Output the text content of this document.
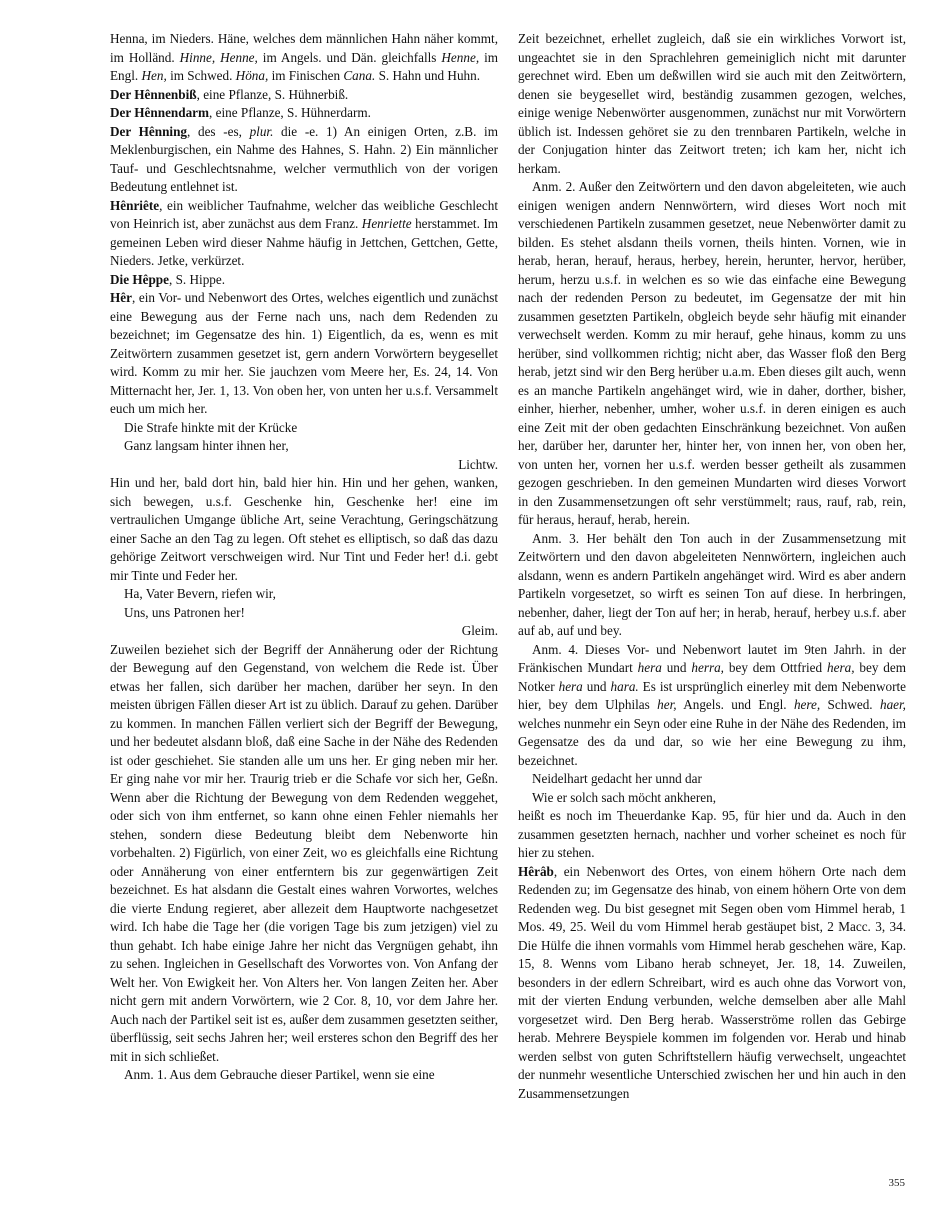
Henna, im Nieders. Häne, welches dem männlichen Hahn näher kommt, im Holländ. Hinne, Henne, im Angels. und Dän. gleichfalls Henne, im Engl. Hen, im Schwed. Höna, im Finischen Cana. S. Hahn und Huhn.

Der Hênnenbiß, eine Pflanze, S. Hühnerbiß.

Der Hênnendarm, eine Pflanze, S. Hühnerdarm.

Der Hênning, des -es, plur. die -e. 1) An einigen Orten, z.B. im Meklenburgischen, ein Nahme des Hahnes, S. Hahn. 2) Ein männlicher Tauf- und Geschlechtsnahme, welcher vermuthlich von der vorigen Bedeutung entlehnet ist.

Hênriête, ein weiblicher Taufnahme, welcher das weibliche Geschlecht von Heinrich ist, aber zunächst aus dem Franz. Henriette herstammet. Im gemeinen Leben wird dieser Nahme häufig in Jettchen, Gettchen, Gette, Nieders. Jetke, verkürzet.

Die Hêppe, S. Hippe.

Hêr, ein Vor- und Nebenwort des Ortes, welches eigentlich und zunächst eine Bewegung aus der Ferne nach uns, nach dem Redenden zu bezeichnet; im Gegensatze des hin. 1) Eigentlich, da es, wenn es mit Zeitwörtern zusammen gesetzet ist, gern andern Vorwörtern beygesellet wird. Komm zu mir her. Sie jauchzen vom Meere her, Es. 24, 14. Von Mitternacht her, Jer. 1, 13. Von oben her, von unten her u.s.f. Versammelt euch um mich her.

Die Strafe hinkte mit der Krücke

Ganz langsam hinter ihnen her,

Lichtw.

Hin und her, bald dort hin, bald hier hin. Hin und her gehen, wanken, sich bewegen, u.s.f. Geschenke hin, Geschenke her! eine im vertraulichen Umgange übliche Art, seine Verachtung, Geringschätzung einer Sache an den Tag zu legen. Oft stehet es elliptisch, so daß das dazu gehörige Zeitwort verschweigen wird. Nur Tint und Feder her! d.i. gebt mir Tinte und Feder her.

Ha, Vater Bevern, riefen wir,

Uns, uns Patronen her!

Gleim.

Zuweilen beziehet sich der Begriff der Annäherung oder der Richtung der Bewegung auf den Gegenstand, von welchem die Rede ist. Über etwas her fallen, sich darüber her machen, darüber her seyn. In den meisten übrigen Fällen dieser Art ist zu üblich. Darauf zu gehen. Darüber zu kommen. In manchen Fällen verliert sich der Begriff der Bewegung, und her bedeutet alsdann bloß, daß eine Sache in der Nähe des Redenden ist oder geschiehet. Sie standen alle um uns her. Er ging neben mir her. Er ging nahe vor mir her. Traurig trieb er die Schafe vor sich her, Geßn. Wenn aber die Richtung der Bewegung von dem Redenden weggehet, oder sich von ihm entfernet, so kann ohne einen Fehler niemahls her stehen, sondern diese Bedeutung bleibt dem Nebenworte hin vorbehalten. 2) Figürlich, von einer Zeit, wo es gleichfalls eine Richtung oder Annäherung von einer entferntern bis zur gegenwärtigen Zeit bezeichnet. Es hat alsdann die Gestalt eines wahren Vorwortes, welches die vierte Endung regieret, aber allezeit dem Hauptworte nachgesetzet wird. Ich habe die Tage her (die vorigen Tage bis zum jetzigen) viel zu thun gehabt. Ich habe einige Jahre her nicht das Vergnügen gehabt, ihn zu sehen. Ingleichen in Gesellschaft des Vorwortes von. Von Anfang der Welt her. Von Ewigkeit her. Von Alters her. Von langen Zeiten her. Aber nicht gern mit andern Vorwörtern, wie 2 Cor. 8, 10, vor dem Jahre her. Auch nach der Partikel seit ist es, außer dem zusammen gesetzten seither, überflüssig, seit sechs Jahren her; weil ersteres schon den Begriff des her mit in sich schließet.

Anm. 1. Aus dem Gebrauche dieser Partikel, wenn sie eine

Zeit bezeichnet, erhellet zugleich, daß sie ein wirkliches Vorwort ist, ungeachtet sie in den Sprachlehren gemeiniglich nicht mit darunter gerechnet wird. Eben um deßwillen wird sie auch mit den Zeitwörtern, denen sie beygesellet wird, beständig zusammen gezogen, welches, einige wenige Nebenwörter ausgenommen, zunächst nur mit Vorwörtern üblich ist. Indessen gehöret sie zu den trennbaren Partikeln, welche in der Conjugation hinter das Zeitwort treten; ich kam her, nicht ich herkam.

Anm. 2. Außer den Zeitwörtern und den davon abgeleiteten, wie auch einigen wenigen andern Nennwörtern, wird dieses Wort noch mit verschiedenen Partikeln zusammen gesetzet, neue Nebenwörter damit zu bilden. Es stehet alsdann theils vornen, theils hinten. Vornen, wie in herab, heran, herauf, heraus, herbey, herein, herunter, hervor, herüber, herum, herzu u.s.f. in welchen es so wie das einfache eine Bewegung nach der redenden Person zu bedeutet, im Gegensatze der mit hin zusammen gesetzten Partikeln, obgleich beyde sehr häufig mit einander verwechselt werden. Komm zu mir herauf, gehe hinaus, komm zu uns herüber, sind vollkommen richtig; nicht aber, das Wasser floß den Berg herab, jetzt sind wir den Berg herüber u.a.m. Eben dieses gilt auch, wenn es an manche Partikeln angehänget wird, wie in daher, dorther, bisher, einher, hierher, nebenher, umher, woher u.s.f. in deren einigen es auch eine Zeit mit der oben gedachten Einschränkung bezeichnet. Von außen her, darüber her, darunter her, hinter her, von innen her, von oben her, von unten her, vornen her u.s.f. werden besser getheilt als zusammen gezogen geschrieben. In den gemeinen Mundarten wird dieses Vorwort in den Zusammensetzungen oft sehr verstümmelt; raus, rauf, rab, rein, für heraus, herauf, herab, herein.

Anm. 3. Her behält den Ton auch in der Zusammensetzung mit Zeitwörtern und den davon abgeleiteten Nennwörtern, ingleichen auch alsdann, wenn es andern Partikeln angehänget wird. Wird es aber andern Partikeln vorgesetzet, so wirft es seinen Ton auf diese. In herbringen, nebenher, daher, liegt der Ton auf her; in herab, herauf, herbey u.s.f. aber auf ab, auf und bey.

Anm. 4. Dieses Vor- und Nebenwort lautet im 9ten Jahrh. in der Fränkischen Mundart hera und herra, bey dem Ottfried hera, bey dem Notker hera und hara. Es ist ursprünglich einerley mit dem Nebenworte hier, bey dem Ulphilas her, Angels. und Engl. here, Schwed. haer, welches nunmehr ein Seyn oder eine Ruhe in der Nähe des Redenden, im Gegensatze des da und dar, so wie her eine Bewegung zu ihm, bezeichnet.

Neidelhart gedacht her unnd dar

Wie er solch sach möcht ankheren,

heißt es noch im Theuerdanke Kap. 95, für hier und da. Auch in den zusammen gesetzten hernach, nachher und vorher scheinet es noch für hier zu stehen.

Hêrâb, ein Nebenwort des Ortes, von einem höhern Orte nach dem Redenden zu; im Gegensatze des hinab, von einem höhern Orte von dem Redenden weg. Du bist gesegnet mit Segen oben vom Himmel herab, 1 Mos. 49, 25. Weil du vom Himmel herab gestäupet bist, 2 Macc. 3, 34. Die Hülfe die ihnen vormahls vom Himmel herab geschehen wäre, Kap. 15, 8. Wenns vom Libano herab schneyet, Jer. 18, 14. Zuweilen, besonders in der edlern Schreibart, wird es auch ohne das Vorwort von, mit der vierten Endung verbunden, welche demselben aber alle Mahl vorgesetzet wird. Den Berg herab. Wasserströme rollen das Gebirge herab. Mehrere Beyspiele kommen im folgenden vor. Herab und hinab werden selbst von guten Schriftstellern häufig verwechselt, ungeachtet der nunmehr wesentliche Unterschied zwischen her und hin auch in den Zusammensetzungen

355
